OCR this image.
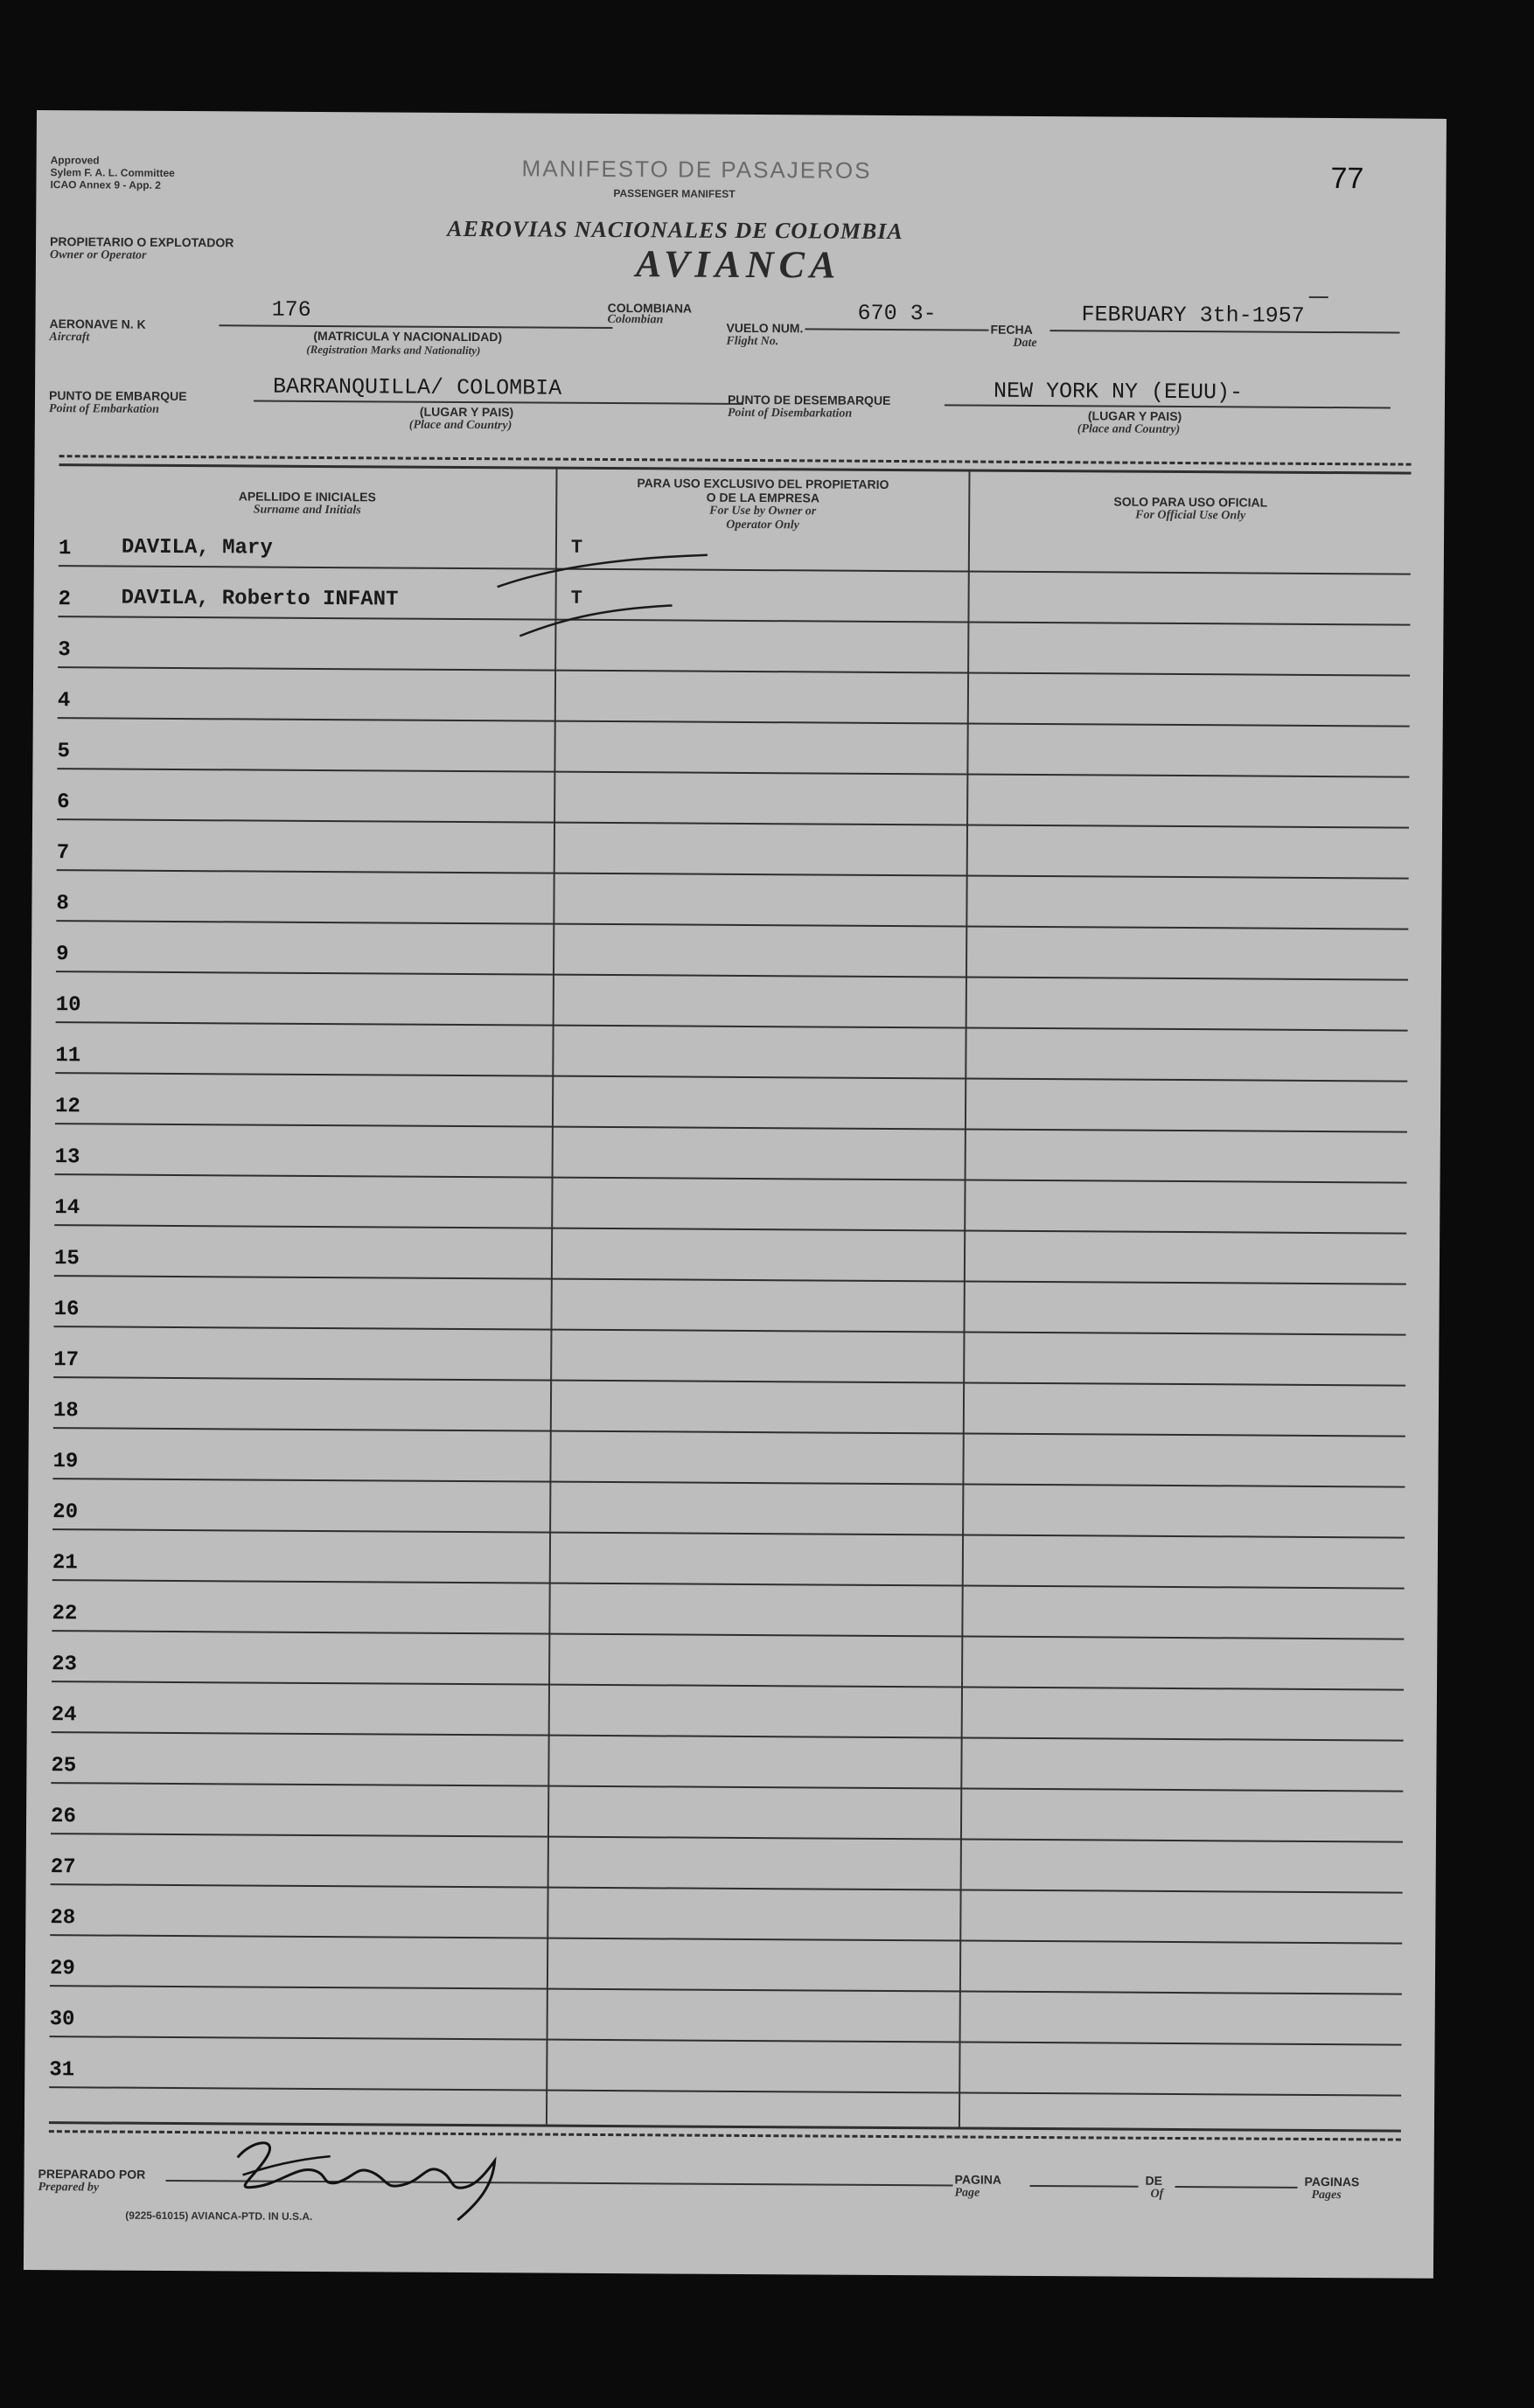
Approved
Sylem F. A. L. Committee
ICAO Annex 9 - App. 2
MANIFESTO DE PASAJEROS
PASSENGER MANIFEST	77
AEROVIAS NACIONALES DE COLOMBIA
AVIANCA
PROPIETARIO O EXPLOTADOR
Owner or Operator
AERONAVE N. K
Aircraft
176
(MATRICULA Y NACIONALIDAD)
(Registration Marks and Nationality)
COLOMBIANA
Colombian
VUELO NUM.
Flight No.
670 3-
FECHA
Date
FEBRUARY 3th-1957
PUNTO DE EMBARQUE
Point of Embarkation
BARRANQUILLA/ COLOMBIA
(LUGAR Y PAIS)
(Place and Country)
PUNTO DE DESEMBARQUE
Point of Disembarkation
NEW YORK NY (EEUU)-
(LUGAR Y PAIS)
(Place and Country)
APELLIDO E INICIALES
Surname and Initials
PARA USO EXCLUSIVO DEL PROPIETARIO
O DE LA EMPRESA
For Use by Owner or
Operator Only
SOLO PARA USO OFICIAL
For Official Use Only
1 DAVILA, Mary	T
2 DAVILA, Roberto INFANT	T
3
4
5
6
7
8
9
10
11
12
13
14
15
16
17
18
19
20
21
22
23
24
25
26
27
28
29
30
31
PREPARADO POR
Prepared by
PAGINA
Page
DE
Of
PAGINAS
Pages
(9225-61015) AVIANCA-PTD. IN U.S.A.
